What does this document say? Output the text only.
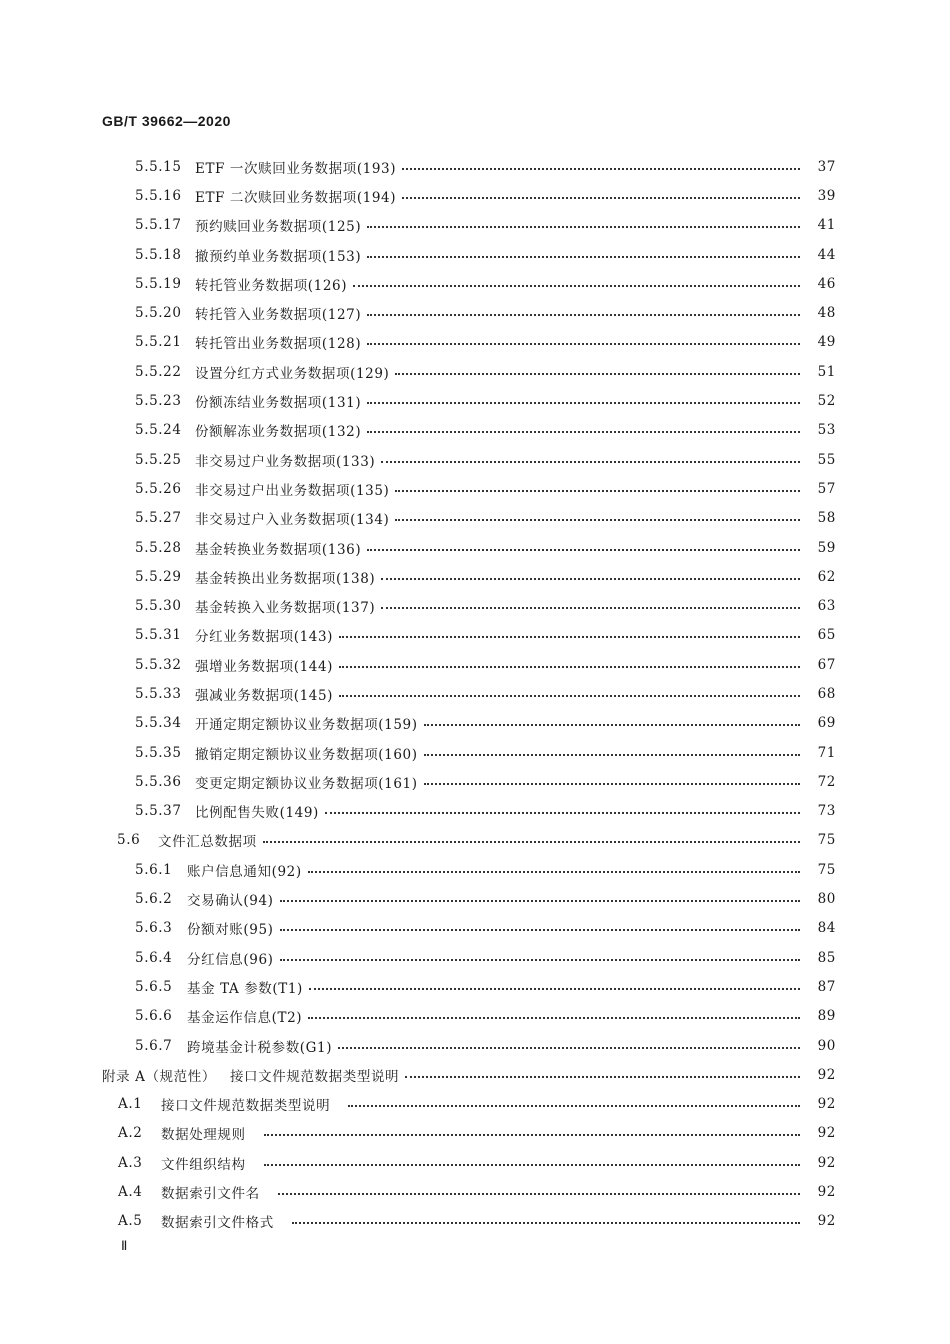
GB/T 39662—2020
5.5.15 ETF 一次赎回业务数据项(193)	37
5.5.16 ETF 二次赎回业务数据项(194)	39
5.5.17 预约赎回业务数据项(125)	41
5.5.18 撤预约单业务数据项(153)	44
5.5.19 转托管业务数据项(126)	46
5.5.20 转托管入业务数据项(127)	48
5.5.21 转托管出业务数据项(128)	49
5.5.22 设置分红方式业务数据项(129)	51
5.5.23 份额冻结业务数据项(131)	52
5.5.24 份额解冻业务数据项(132)	53
5.5.25 非交易过户业务数据项(133)	55
5.5.26 非交易过户出业务数据项(135)	57
5.5.27 非交易过户入业务数据项(134)	58
5.5.28 基金转换业务数据项(136)	59
5.5.29 基金转换出业务数据项(138)	62
5.5.30 基金转换入业务数据项(137)	63
5.5.31 分红业务数据项(143)	65
5.5.32 强增业务数据项(144)	67
5.5.33 强减业务数据项(145)	68
5.5.34 开通定期定额协议业务数据项(159)	69
5.5.35 撤销定期定额协议业务数据项(160)	71
5.5.36 变更定期定额协议业务数据项(161)	72
5.5.37 比例配售失败(149)	73
5.6	文件汇总数据项	75
5.6.1	账户信息通知(92)	75
5.6.2	交易确认(94)	80
5.6.3	份额对账(95)	84
5.6.4	分红信息(96)	85
5.6.5	基金 TA 参数(T1)	87
5.6.6	基金运作信息(T2)	89
5.6.7	跨境基金计税参数(G1)	90
附录 A（规范性） 接口文件规范数据类型说明	92
A.1	接口文件规范数据类型说明	92
A.2	数据处理规则	92
A.3	文件组织结构	92
A.4	数据索引文件名	92
A.5	数据索引文件格式	92
Ⅱ
